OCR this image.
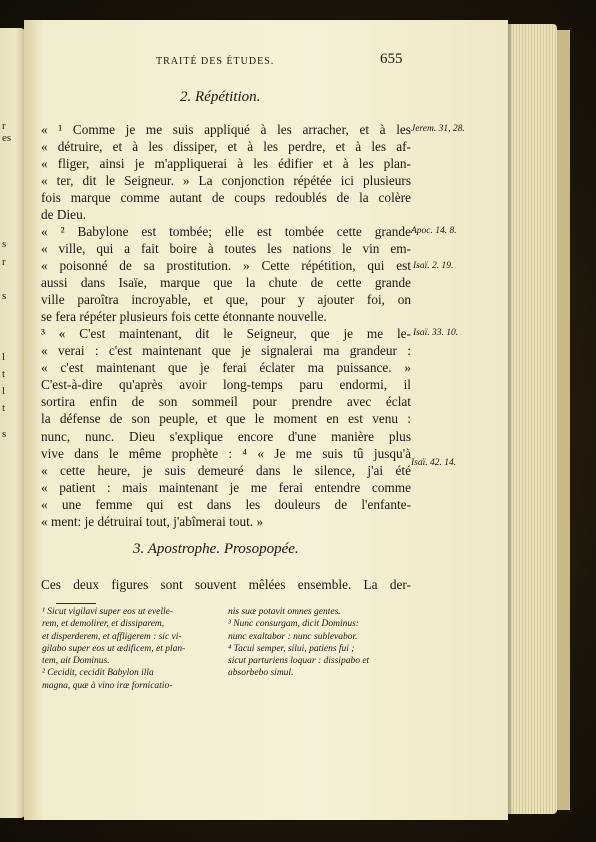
r
es
s
r
s
l
t
l
t
s
TRAITÉ DES ÉTUDES.	655
2. Répétition.
« ¹ Comme je me suis appliqué à les arracher, et à les
« détruire, et à les dissiper, et à les perdre, et à les af-
« fliger, ainsi je m'appliquerai à les édifier et à les plan-
« ter, dit le Seigneur. » La conjonction répétée ici plusieurs
fois marque comme autant de coups redoublés de la colère
de Dieu.
« ² Babylone est tombée; elle est tombée cette grande
« ville, qui a fait boire à toutes les nations le vin em-
« poisonné de sa prostitution. » Cette répétition, qui est
aussi dans Isaïe, marque que la chute de cette grande
ville paroîtra incroyable, et que, pour y ajouter foi, on
se fera répéter plusieurs fois cette étonnante nouvelle.
³ « C'est maintenant, dit le Seigneur, que je me le-
« verai : c'est maintenant que je signalerai ma grandeur :
« c'est maintenant que je ferai éclater ma puissance. »
C'est-à-dire qu'après avoir long-temps paru endormi, il
sortira enfin de son sommeil pour prendre avec éclat
la défense de son peuple, et que le moment en est venu :
nunc, nunc. Dieu s'explique encore d'une manière plus
vive dans le même prophète : ⁴ « Je me suis tû jusqu'à
« cette heure, je suis demeuré dans le silence, j'ai été
« patient : mais maintenant je me ferai entendre comme
« une femme qui est dans les douleurs de l'enfante-
« ment: je détruirai tout, j'abîmerai tout. »
Jerem. 31, 28.
Apoc. 14. 8.
Isaï. 2. 19.
Isaï. 33. 10.
Isaï. 42. 14.
3. Apostrophe. Prosopopée.
Ces deux figures sont souvent mêlées ensemble. La der-
¹ Sicut vigilavi super eos ut evelle-
rem, et demolirer, et dissiparem,
et disperderem, et affligerem : sic vi-
gilabo super eos ut ædificem, et plan-
tem, ait Dominus.
² Cecidit, cecidit Babylon illa
magna, quæ à vino iræ fornicatio-
nis suæ potavit omnes gentes.
³ Nunc consurgam, dicit Dominus:
nunc exaltabor : nunc sublevabor.
⁴ Tacui semper, silui, patiens fui ;
sicut parturiens loquar : dissipabo et
absorbebo simul.
